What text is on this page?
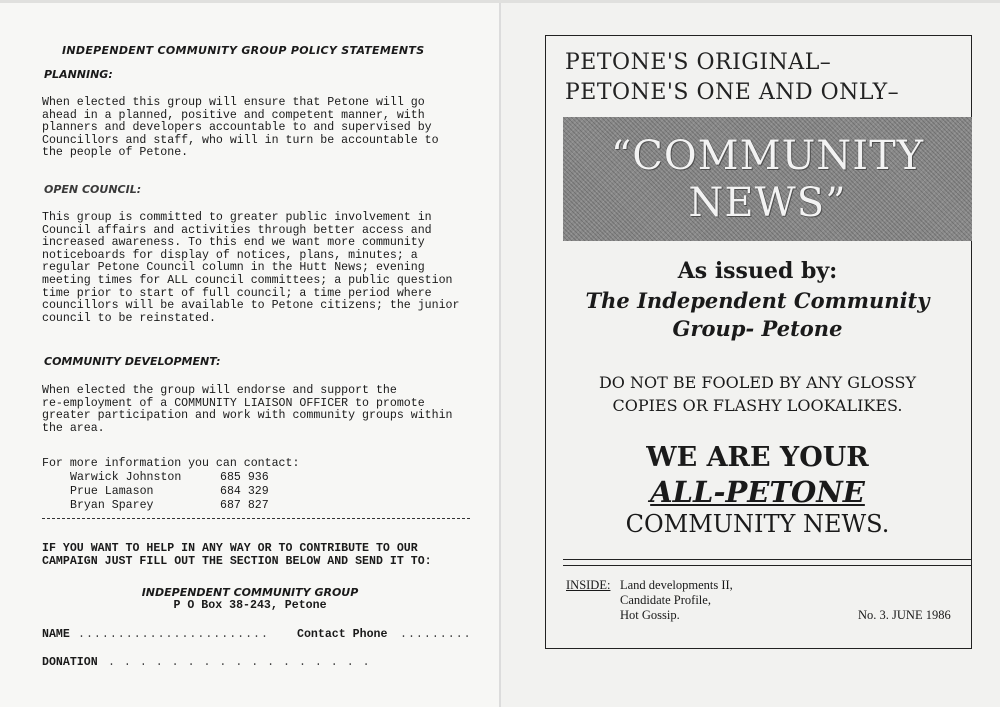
INDEPENDENT COMMUNITY GROUP POLICY STATEMENTS
PLANNING:

When elected this group will ensure that Petone will go
ahead in a planned, positive and competent manner, with
planners and developers accountable to and supervised by
Councillors and staff, who will in turn be accountable to
the people of Petone.

OPEN COUNCIL:

This group is committed to greater public involvement in
Council affairs and activities through better access and
increased awareness. To this end we want more community
noticeboards for display of notices, plans, minutes; a
regular Petone Council column in the Hutt News; evening
meeting times for ALL council committees; a public question
time prior to start of full council; a time period where
councillors will be available to Petone citizens; the junior
council to be reinstated.

COMMUNITY DEVELOPMENT:

When elected the group will endorse and support the
re-employment of a COMMUNITY LIAISON OFFICER to promote
greater participation and work with community groups within
the area.

For more information you can contact:
Warwick Johnston	685 936
Prue Lamason	684 329
Bryan Sparey	687 827

IF YOU WANT TO HELP IN ANY WAY OR TO CONTRIBUTE TO OUR
CAMPAIGN JUST FILL OUT THE SECTION BELOW AND SEND IT TO:

INDEPENDENT COMMUNITY GROUP
P O Box 38-243, Petone
NAME ........................ Contact Phone .........
DONATION . . . . . . . . . . . . . . . . .
PETONE'S ORIGINAL–
PETONE'S ONE AND ONLY–
“COMMUNITY
NEWS”
As issued by:
The Independent Community
Group- Petone
DO NOT BE FOOLED BY ANY GLOSSY
COPIES OR FLASHY LOOKALIKES.
WE ARE YOUR
ALL-PETONE
COMMUNITY NEWS.
INSIDE: Land developments II,
Candidate Profile,
Hot Gossip.	No. 3. JUNE 1986
